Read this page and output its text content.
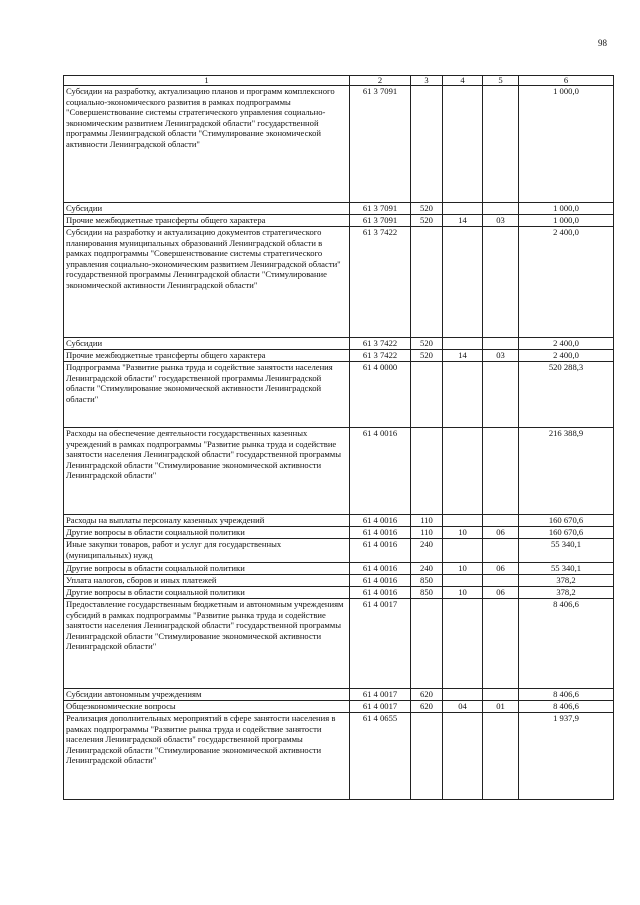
98
1	2	3	4	5	6
Субсидии на разработку, актуализацию планов и программ комплексного социально-экономического развития в рамках подпрограммы "Совершенствование системы стратегического управления социально-экономическим развитием Ленинградской области" государственной программы Ленинградской области "Стимулирование экономической активности Ленинградской области"	61 3 7091				1 000,0
Субсидии	61 3 7091	520			1 000,0
Прочие межбюджетные трансферты общего характера	61 3 7091	520	14	03	1 000,0
Субсидии на разработку и актуализацию документов стратегического планирования муниципальных образований Ленинградской области в рамках подпрограммы "Совершенствование системы стратегического управления социально-экономическим развитием Ленинградской области" государственной программы Ленинградской области "Стимулирование экономической активности Ленинградской области"	61 3 7422				2 400,0
Субсидии	61 3 7422	520			2 400,0
Прочие межбюджетные трансферты общего характера	61 3 7422	520	14	03	2 400,0
Подпрограмма "Развитие рынка труда и содействие занятости населения Ленинградской области" государственной программы Ленинградской области "Стимулирование экономической активности Ленинградской области"	61 4 0000				520 288,3
Расходы на обеспечение деятельности государственных казенных учреждений в рамках подпрограммы "Развитие рынка труда и содействие занятости населения Ленинградской области" государственной программы Ленинградской области "Стимулирование экономической активности Ленинградской области"	61 4 0016				216 388,9
Расходы на выплаты персоналу казенных учреждений	61 4 0016	110			160 670,6
Другие вопросы в области социальной политики	61 4 0016	110	10	06	160 670,6
Иные закупки товаров, работ и услуг для государственных (муниципальных) нужд	61 4 0016	240			55 340,1
Другие вопросы в области социальной политики	61 4 0016	240	10	06	55 340,1
Уплата налогов, сборов и иных платежей	61 4 0016	850			378,2
Другие вопросы в области социальной политики	61 4 0016	850	10	06	378,2
Предоставление государственным бюджетным и автономным учреждениям субсидий в рамках подпрограммы "Развитие рынка труда и содействие занятости населения Ленинградской области" государственной программы Ленинградской области "Стимулирование экономической активности Ленинградской области"	61 4 0017				8 406,6
Субсидии автономным учреждениям	61 4 0017	620			8 406,6
Общеэкономические вопросы	61 4 0017	620	04	01	8 406,6
Реализация дополнительных мероприятий в сфере занятости населения в рамках подпрограммы "Развитие рынка труда и содействие занятости населения Ленинградской области" государственной программы Ленинградской области "Стимулирование экономической активности Ленинградской области"	61 4 0655				1 937,9
